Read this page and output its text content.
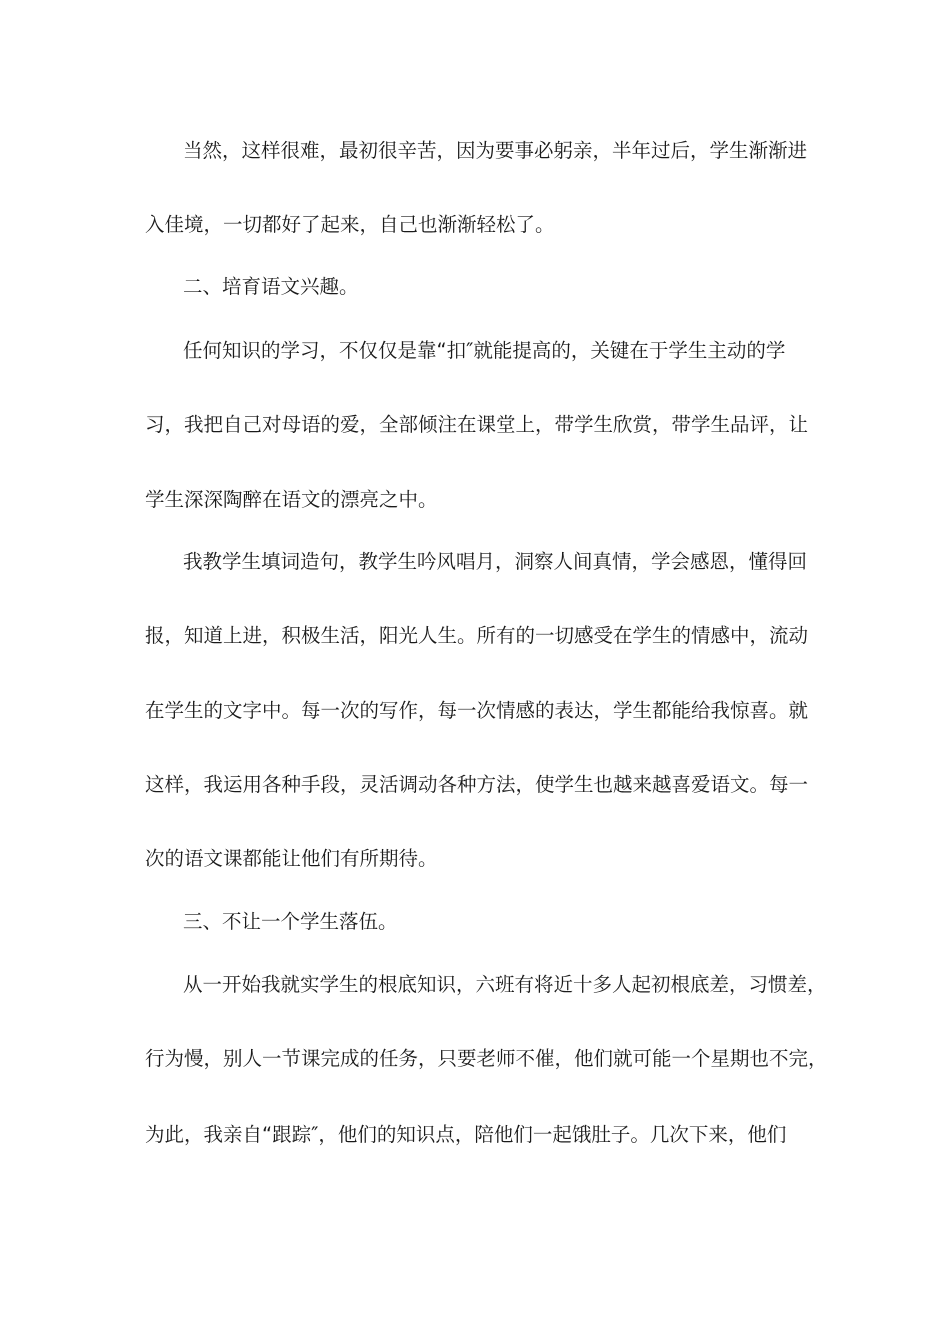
当然，这样很难，最初很辛苦，因为要事必躬亲，半年过后，学生渐渐进
入佳境，一切都好了起来，自己也渐渐轻松了。
二、培育语文兴趣。
任何知识的学习，不仅仅是靠“扣″就能提高的，关键在于学生主动的学
习，我把自己对母语的爱，全部倾注在课堂上，带学生欣赏，带学生品评，让
学生深深陶醉在语文的漂亮之中。
我教学生填词造句，教学生吟风唱月，洞察人间真情，学会感恩，懂得回
报，知道上进，积极生活，阳光人生。所有的一切感受在学生的情感中，流动
在学生的文字中。每一次的写作，每一次情感的表达，学生都能给我惊喜。就
这样，我运用各种手段，灵活调动各种方法，使学生也越来越喜爱语文。每一
次的语文课都能让他们有所期待。
三、不让一个学生落伍。
从一开始我就实学生的根底知识，六班有将近十多人起初根底差，习惯差，
行为慢，别人一节课完成的任务，只要老师不催，他们就可能一个星期也不完，
为此，我亲自“跟踪″，他们的知识点，陪他们一起饿肚子。几次下来，他们
